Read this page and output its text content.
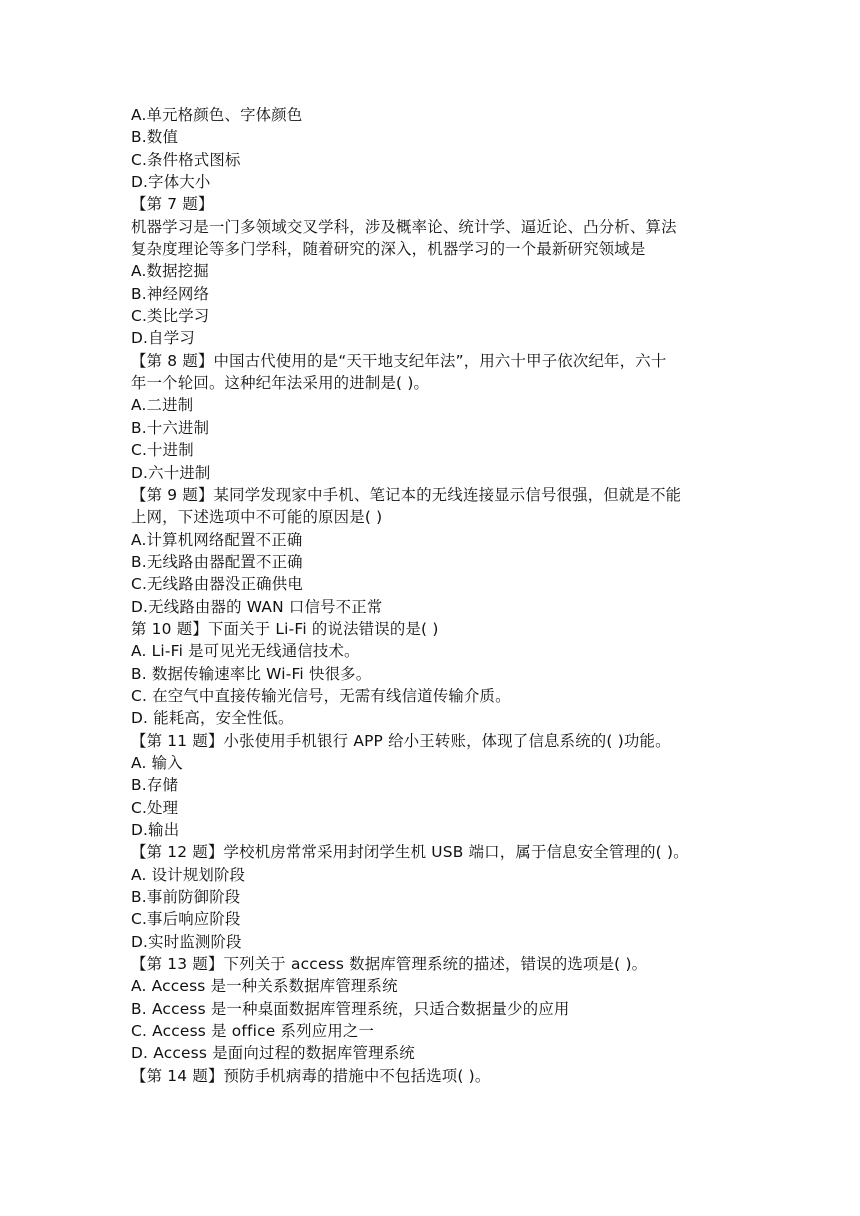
A.单元格颜色、字体颜色
B.数值
C.条件格式图标
D.字体大小
【第 7 题】
机器学习是一门多领域交叉学科，涉及概率论、统计学、逼近论、凸分析、算法
复杂度理论等多门学科，随着研究的深入，机器学习的一个最新研究领域是
A.数据挖掘
B.神经网络
C.类比学习
D.自学习
【第 8 题】中国古代使用的是“天干地支纪年法”，用六十甲子依次纪年，六十
年一个轮回。这种纪年法采用的进制是( )。
A.二进制
B.十六进制
C.十进制
D.六十进制
【第 9 题】某同学发现家中手机、笔记本的无线连接显示信号很强，但就是不能
上网，下述选项中不可能的原因是( )
A.计算机网络配置不正确
B.无线路由器配置不正确
C.无线路由器没正确供电
D.无线路由器的 WAN 口信号不正常
第 10 题】下面关于 Li-Fi 的说法错误的是( )
A. Li-Fi 是可见光无线通信技术。
B. 数据传输速率比 Wi-Fi 快很多。
C. 在空气中直接传输光信号，无需有线信道传输介质。
D. 能耗高，安全性低。
【第 11 题】小张使用手机银行 APP 给小王转账，体现了信息系统的( )功能。
A. 输入
B.存储
C.处理
D.输出
【第 12 题】学校机房常常采用封闭学生机 USB 端口，属于信息安全管理的( )。
A. 设计规划阶段
B.事前防御阶段
C.事后响应阶段
D.实时监测阶段
【第 13 题】下列关于 access 数据库管理系统的描述，错误的选项是( )。
A. Access 是一种关系数据库管理系统
B. Access 是一种桌面数据库管理系统，只适合数据量少的应用
C. Access 是 office 系列应用之一
D. Access 是面向过程的数据库管理系统
【第 14 题】预防手机病毒的措施中不包括选项( )。
